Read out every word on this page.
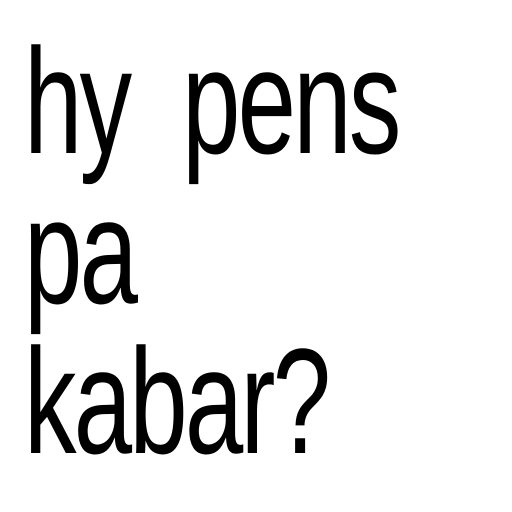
hy  pens
pa
kabar?
